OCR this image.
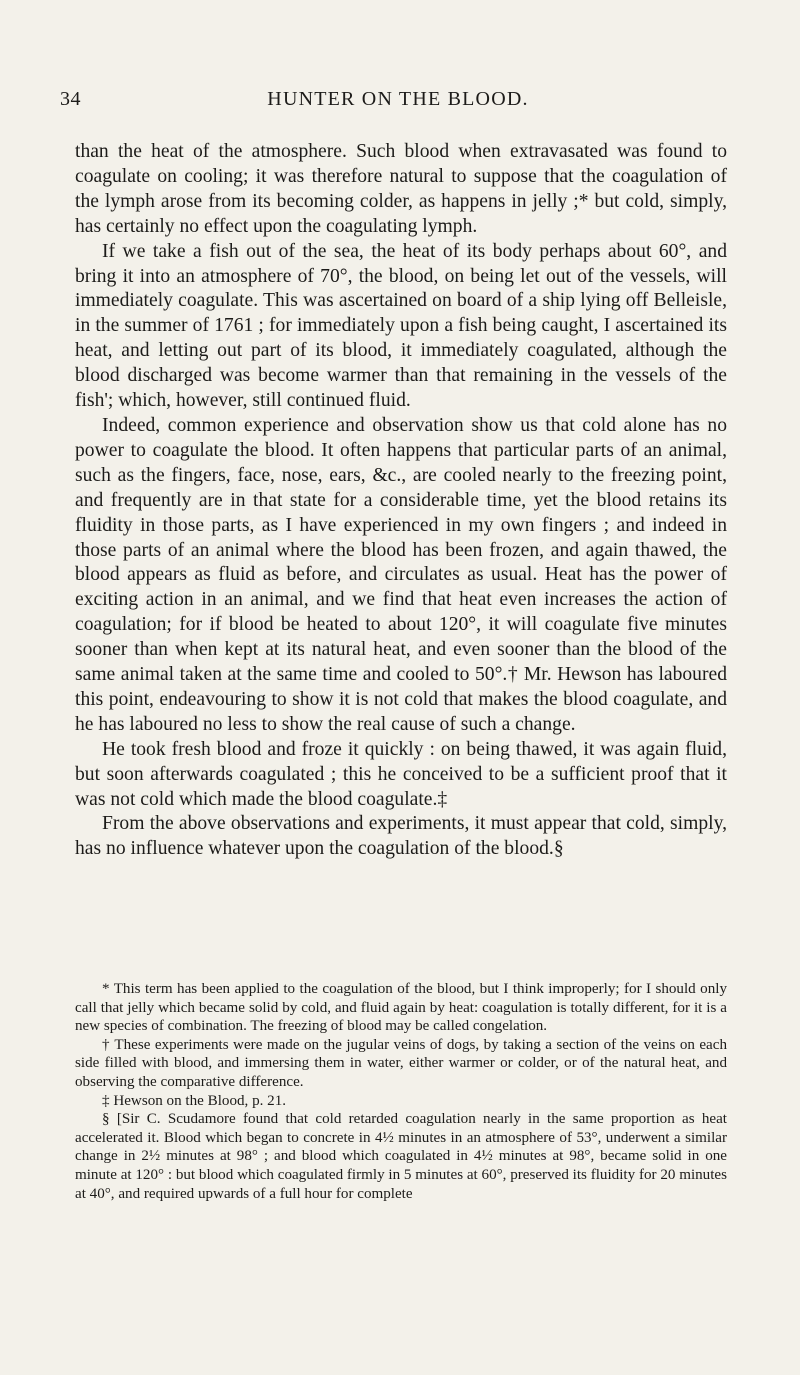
34	HUNTER ON THE BLOOD.

than the heat of the atmosphere. Such blood when extravasated was found to coagulate on cooling; it was therefore natural to suppose that the coagulation of the lymph arose from its becoming colder, as happens in jelly ;* but cold, simply, has certainly no effect upon the coagulating lymph.

If we take a fish out of the sea, the heat of its body perhaps about 60°, and bring it into an atmosphere of 70°, the blood, on being let out of the vessels, will immediately coagulate. This was ascertained on board of a ship lying off Belleisle, in the summer of 1761 ; for immediately upon a fish being caught, I ascertained its heat, and letting out part of its blood, it immediately coagulated, although the blood discharged was become warmer than that remaining in the vessels of the fish'; which, however, still continued fluid.

Indeed, common experience and observation show us that cold alone has no power to coagulate the blood. It often happens that particular parts of an animal, such as the fingers, face, nose, ears, &c., are cooled nearly to the freezing point, and frequently are in that state for a considerable time, yet the blood retains its fluidity in those parts, as I have experienced in my own fingers ; and indeed in those parts of an animal where the blood has been frozen, and again thawed, the blood appears as fluid as before, and circulates as usual. Heat has the power of exciting action in an animal, and we find that heat even increases the action of coagulation; for if blood be heated to about 120°, it will coagulate five minutes sooner than when kept at its natural heat, and even sooner than the blood of the same animal taken at the same time and cooled to 50°.† Mr. Hewson has laboured this point, endeavouring to show it is not cold that makes the blood coagulate, and he has laboured no less to show the real cause of such a change.

He took fresh blood and froze it quickly : on being thawed, it was again fluid, but soon afterwards coagulated ; this he conceived to be a sufficient proof that it was not cold which made the blood coagulate.‡

From the above observations and experiments, it must appear that cold, simply, has no influence whatever upon the coagulation of the blood.§

* This term has been applied to the coagulation of the blood, but I think improperly; for I should only call that jelly which became solid by cold, and fluid again by heat: coagulation is totally different, for it is a new species of combination. The freezing of blood may be called congelation.

† These experiments were made on the jugular veins of dogs, by taking a section of the veins on each side filled with blood, and immersing them in water, either warmer or colder, or of the natural heat, and observing the comparative difference.

‡ Hewson on the Blood, p. 21.

§ [Sir C. Scudamore found that cold retarded coagulation nearly in the same proportion as heat accelerated it. Blood which began to concrete in 4½ minutes in an atmosphere of 53°, underwent a similar change in 2½ minutes at 98° ; and blood which coagulated in 4½ minutes at 98°, became solid in one minute at 120° : but blood which coagulated firmly in 5 minutes at 60°, preserved its fluidity for 20 minutes at 40°, and required upwards of a full hour for complete
